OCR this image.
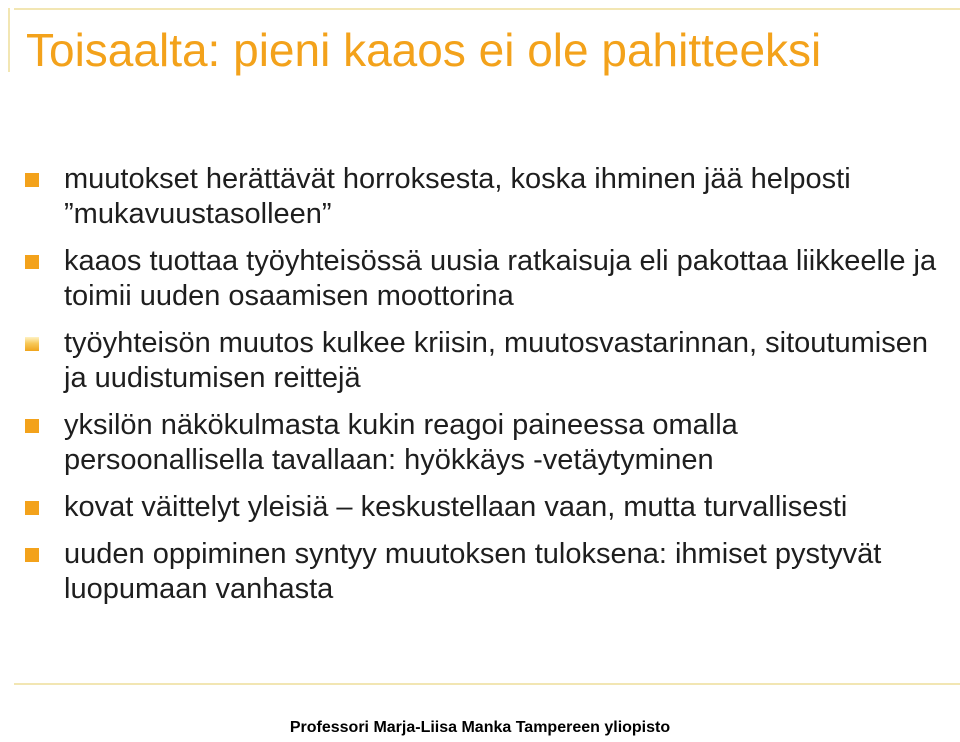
Toisaalta: pieni kaaos ei ole pahitteeksi
muutokset herättävät horroksesta, koska ihminen jää helposti ”mukavuustasolleen”
kaaos tuottaa työyhteisössä uusia ratkaisuja eli pakottaa liikkeelle ja toimii uuden osaamisen moottorina
työyhteisön muutos kulkee kriisin, muutosvastarinnan, sitoutumisen ja uudistumisen reittejä
yksilön näkökulmasta kukin reagoi paineessa omalla persoonallisella tavallaan: hyökkäys -vetäytyminen
kovat väittelyt yleisiä – keskustellaan vaan, mutta turvallisesti
uuden oppiminen syntyy muutoksen tuloksena: ihmiset pystyvät luopumaan vanhasta
Professori Marja-Liisa Manka Tampereen yliopisto
